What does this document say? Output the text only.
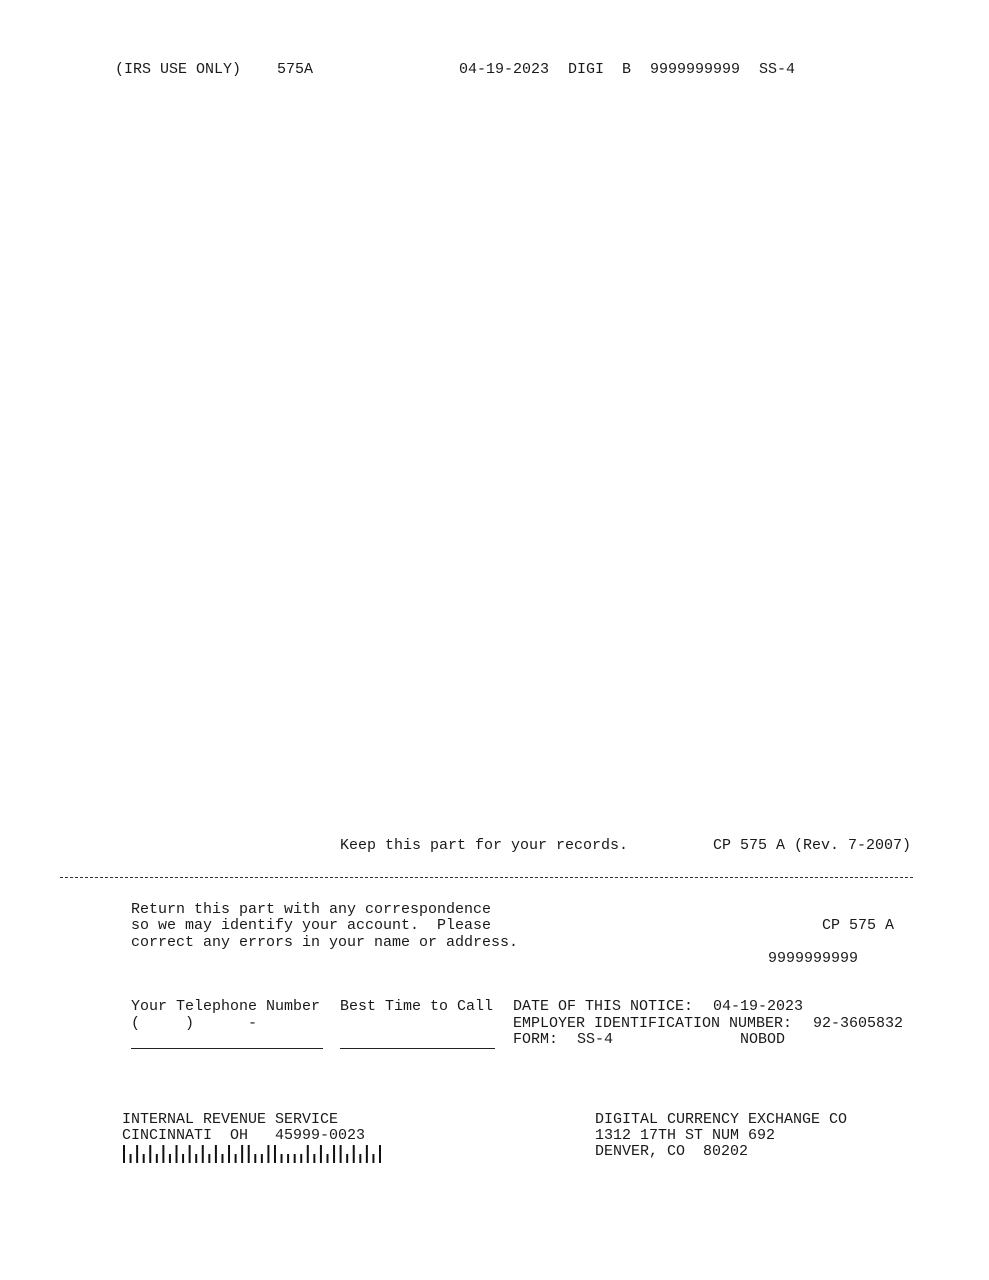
(IRS USE ONLY) 575A	04-19-2023 DIGI B 9999999999 SS-4
Keep this part for your records.	CP 575 A (Rev. 7-2007)
Return this part with any correspondence
so we may identify your account.  Please
correct any errors in your name or address.
CP 575 A
9999999999
Your Telephone Number Best Time to Call
(     )      -
DATE OF THIS NOTICE: 04-19-2023
EMPLOYER IDENTIFICATION NUMBER: 92-3605832
FORM: SS-4	NOBOD
INTERNAL REVENUE SERVICE
CINCINNATI  OH   45999-0023
DIGITAL CURRENCY EXCHANGE CO
1312 17TH ST NUM 692
DENVER, CO  80202
